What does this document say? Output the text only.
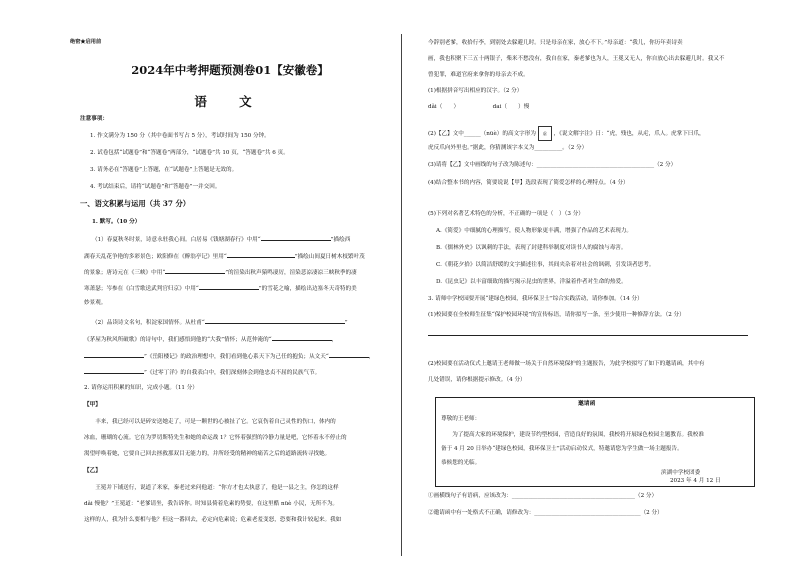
绝密★启用前
2024年中考押题预测卷01【安徽卷】
语 文
注意事项：
1. 作文满分为 150 分（其中卷面书写占 5 分），考试时间为 150 分钟。
2. 试卷包括“试题卷”和“答题卷”两部分，“试题卷”共 10 页，“答题卷”共 6 页。
3. 请务必在“答题卷”上答题，在“试题卷”上答题是无效的。
4. 考试结束后，请将“试题卷”和“答题卷”一并交回。
一、语文积累与运用（共 37 分）
1. 默写。（10 分）
（1）春夏秋冬时景，诗意永驻我心间。白居易《钱塘湖春行》中用“	”描绘西
湖春天乱花争艳的多彩景色；欧阳修在《醉翁亭记》里用“	”描绘山间夏日树木枝繁叶茂
的景象；唐诗元在《三峡》中用“	”的渲染出秋声猿鸣凄厉，渲染悲凉凄凉三峡秋季的凄
寒萧瑟；岑参在《白雪歌送武判官归京》中用“	”的雪花之喻，描绘出边塞冬天奇特的美
妙景观。
（2）品读诗文名句，积淀家国情怀。从杜甫“	”
《茅屋为秋风所破歌》的诗句中，我们感悟到他的“大我”情怀；从范仲淹的“	，
”《岳阳楼记》的政治理想中，我们看到他心系天下为己任的抱负；从文天“	，
”《过零丁洋》的自我表白中，我们深刻体会到他忠贞不屈的民族气节。
2. 请你运用积累的知识，完成小题。（11 分）
【甲】
　　丰来，我已经可以是碎安送她走了，可是一颗世的心被扯了它。它哀伤着自己灵性的伤口，体内的
冰血，珊瑚的心流。它在为罗切斯特先生和她的命运战 1？它怀着强烈的冷静力量是吧，它怀着永不停止的
渴望呼唤着她，它要自己回去拯救那双目无能力的，并所经受的精神的痛苦之后的道路流转寻找她。
【乙】
　　王冕并下铺送行，说道了米家，秦老过来问他道：“你方才也太执意了，他是一县之主，你怎的这样
dǎi 慢他？”王冕道：“老爹请坐，我告诉你。时知县倚着危素的势要，在这里酷 nüè 小民，无所不为。
这样的人，我为什么要相与他？但这一番回去，必定向危素说；危素老羞变怒，恐要和我计较起来。我如
今辞别老爹，收拾行李，到别处去躲避几时。只是母亲在家，放心不下。”母亲道：“我儿，你历年卖诗卖
画，我也积聚下三五十两银子，柴米不愁没有，我自在家，秦老爹也为人，王冕又无人，你自放心出去躲避几时。我又不
曾犯罪，难道官府来拿你的母亲去不成。
(1)根据拼音写出相应的汉字。（2 分）
dǎi（　　）	dai（　　）慢
(2)【乙】文中______（nüè）的高文字形为 虐 ，《说文解字注》日：“虎，残也，从虍，爪人。虎掌下曰爪，
虎反爪向外里也。”据此，你猜测该字本义为__________。（2 分）
(3)请将【乙】文中画线的句子改为陈述句：__________________________________________（2 分）
(4)结合整本书的内容，简要说说【甲】选段表现了简爱怎样的心理特点。（4 分）
(5)下列对名著艺术特色的分析，不正确的一项是（　）（3 分）
A.《简爱》中细腻的心理描写，使人物形象更丰满，增强了作品的艺术表现力。
B.《儒林外史》以讽刺的手法，表现了封建科举制度对读书人的腐蚀与毒害。
C.《朝花夕拾》以简洁舒缓的文字描述往事，其间夹杂着对社会的讽刺，引发读者思考。
D.《昆虫记》以丰富细致的描写揭示昆虫的世界，洋溢着作者对生命的热爱。
3. 请师中学校园要开展“建绿色校园，我环保卫士”综合实践活动，请你参加。（14 分）
(1)校园要在全校师生征集“保护校园环境”的宣传标语，请你拟写一条，至少使用一种修辞方法。（2 分）
(2)校园要在活动仪式上邀请王老师做一场关于自然环境保护的主题报告，为此学校拟写了如下的邀请函，其中有
几处错误，请你根据提示修改。（4 分）
邀请函
尊敬的王老师：
　　为了提高大家的环境保护，建设节约型校园，营造良好的氛围，我校将开展绿色校园主题教育。我校准
备于 4 月 20 日举办“建绿色校园，我环保卫士”活动启动仪式，特邀请您为学生做一场主题报告。
恭候您的光临。
滨湖中学校团委
2023 年 4 月 12 日
①画横线句子有语病，应该改为：____________________________________________（2 分）
②邀请函中有一处格式不正确，请修改为：______________________________________（2 分）
